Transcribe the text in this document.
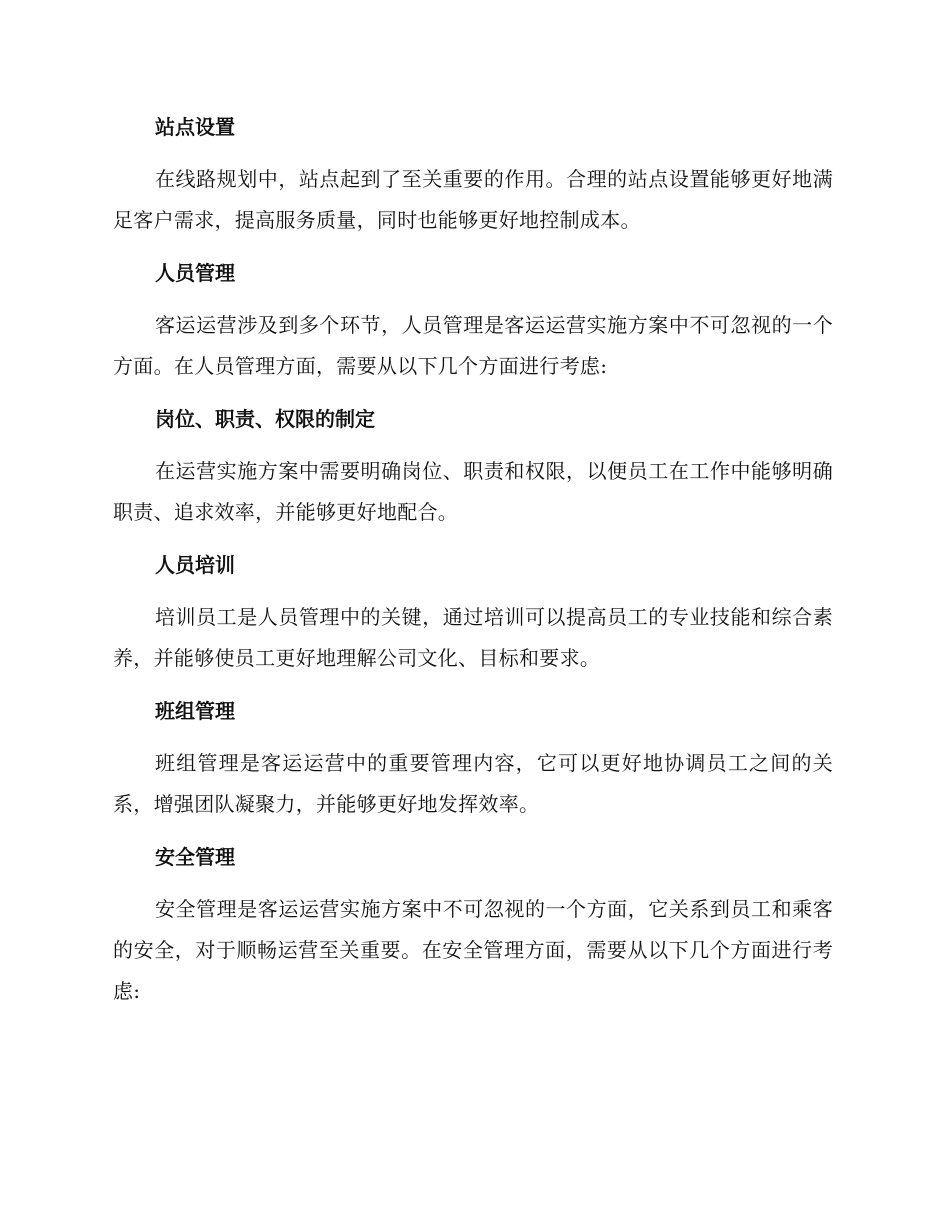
站点设置

在线路规划中，站点起到了至关重要的作用。合理的站点设置能够更好地满足客户需求，提高服务质量，同时也能够更好地控制成本。

人员管理

客运运营涉及到多个环节，人员管理是客运运营实施方案中不可忽视的一个方面。在人员管理方面，需要从以下几个方面进行考虑:

岗位、职责、权限的制定

在运营实施方案中需要明确岗位、职责和权限，以便员工在工作中能够明确职责、追求效率，并能够更好地配合。

人员培训

培训员工是人员管理中的关键，通过培训可以提高员工的专业技能和综合素养，并能够使员工更好地理解公司文化、目标和要求。

班组管理

班组管理是客运运营中的重要管理内容，它可以更好地协调员工之间的关系，增强团队凝聚力，并能够更好地发挥效率。

安全管理

安全管理是客运运营实施方案中不可忽视的一个方面，它关系到员工和乘客的安全，对于顺畅运营至关重要。在安全管理方面，需要从以下几个方面进行考虑:
